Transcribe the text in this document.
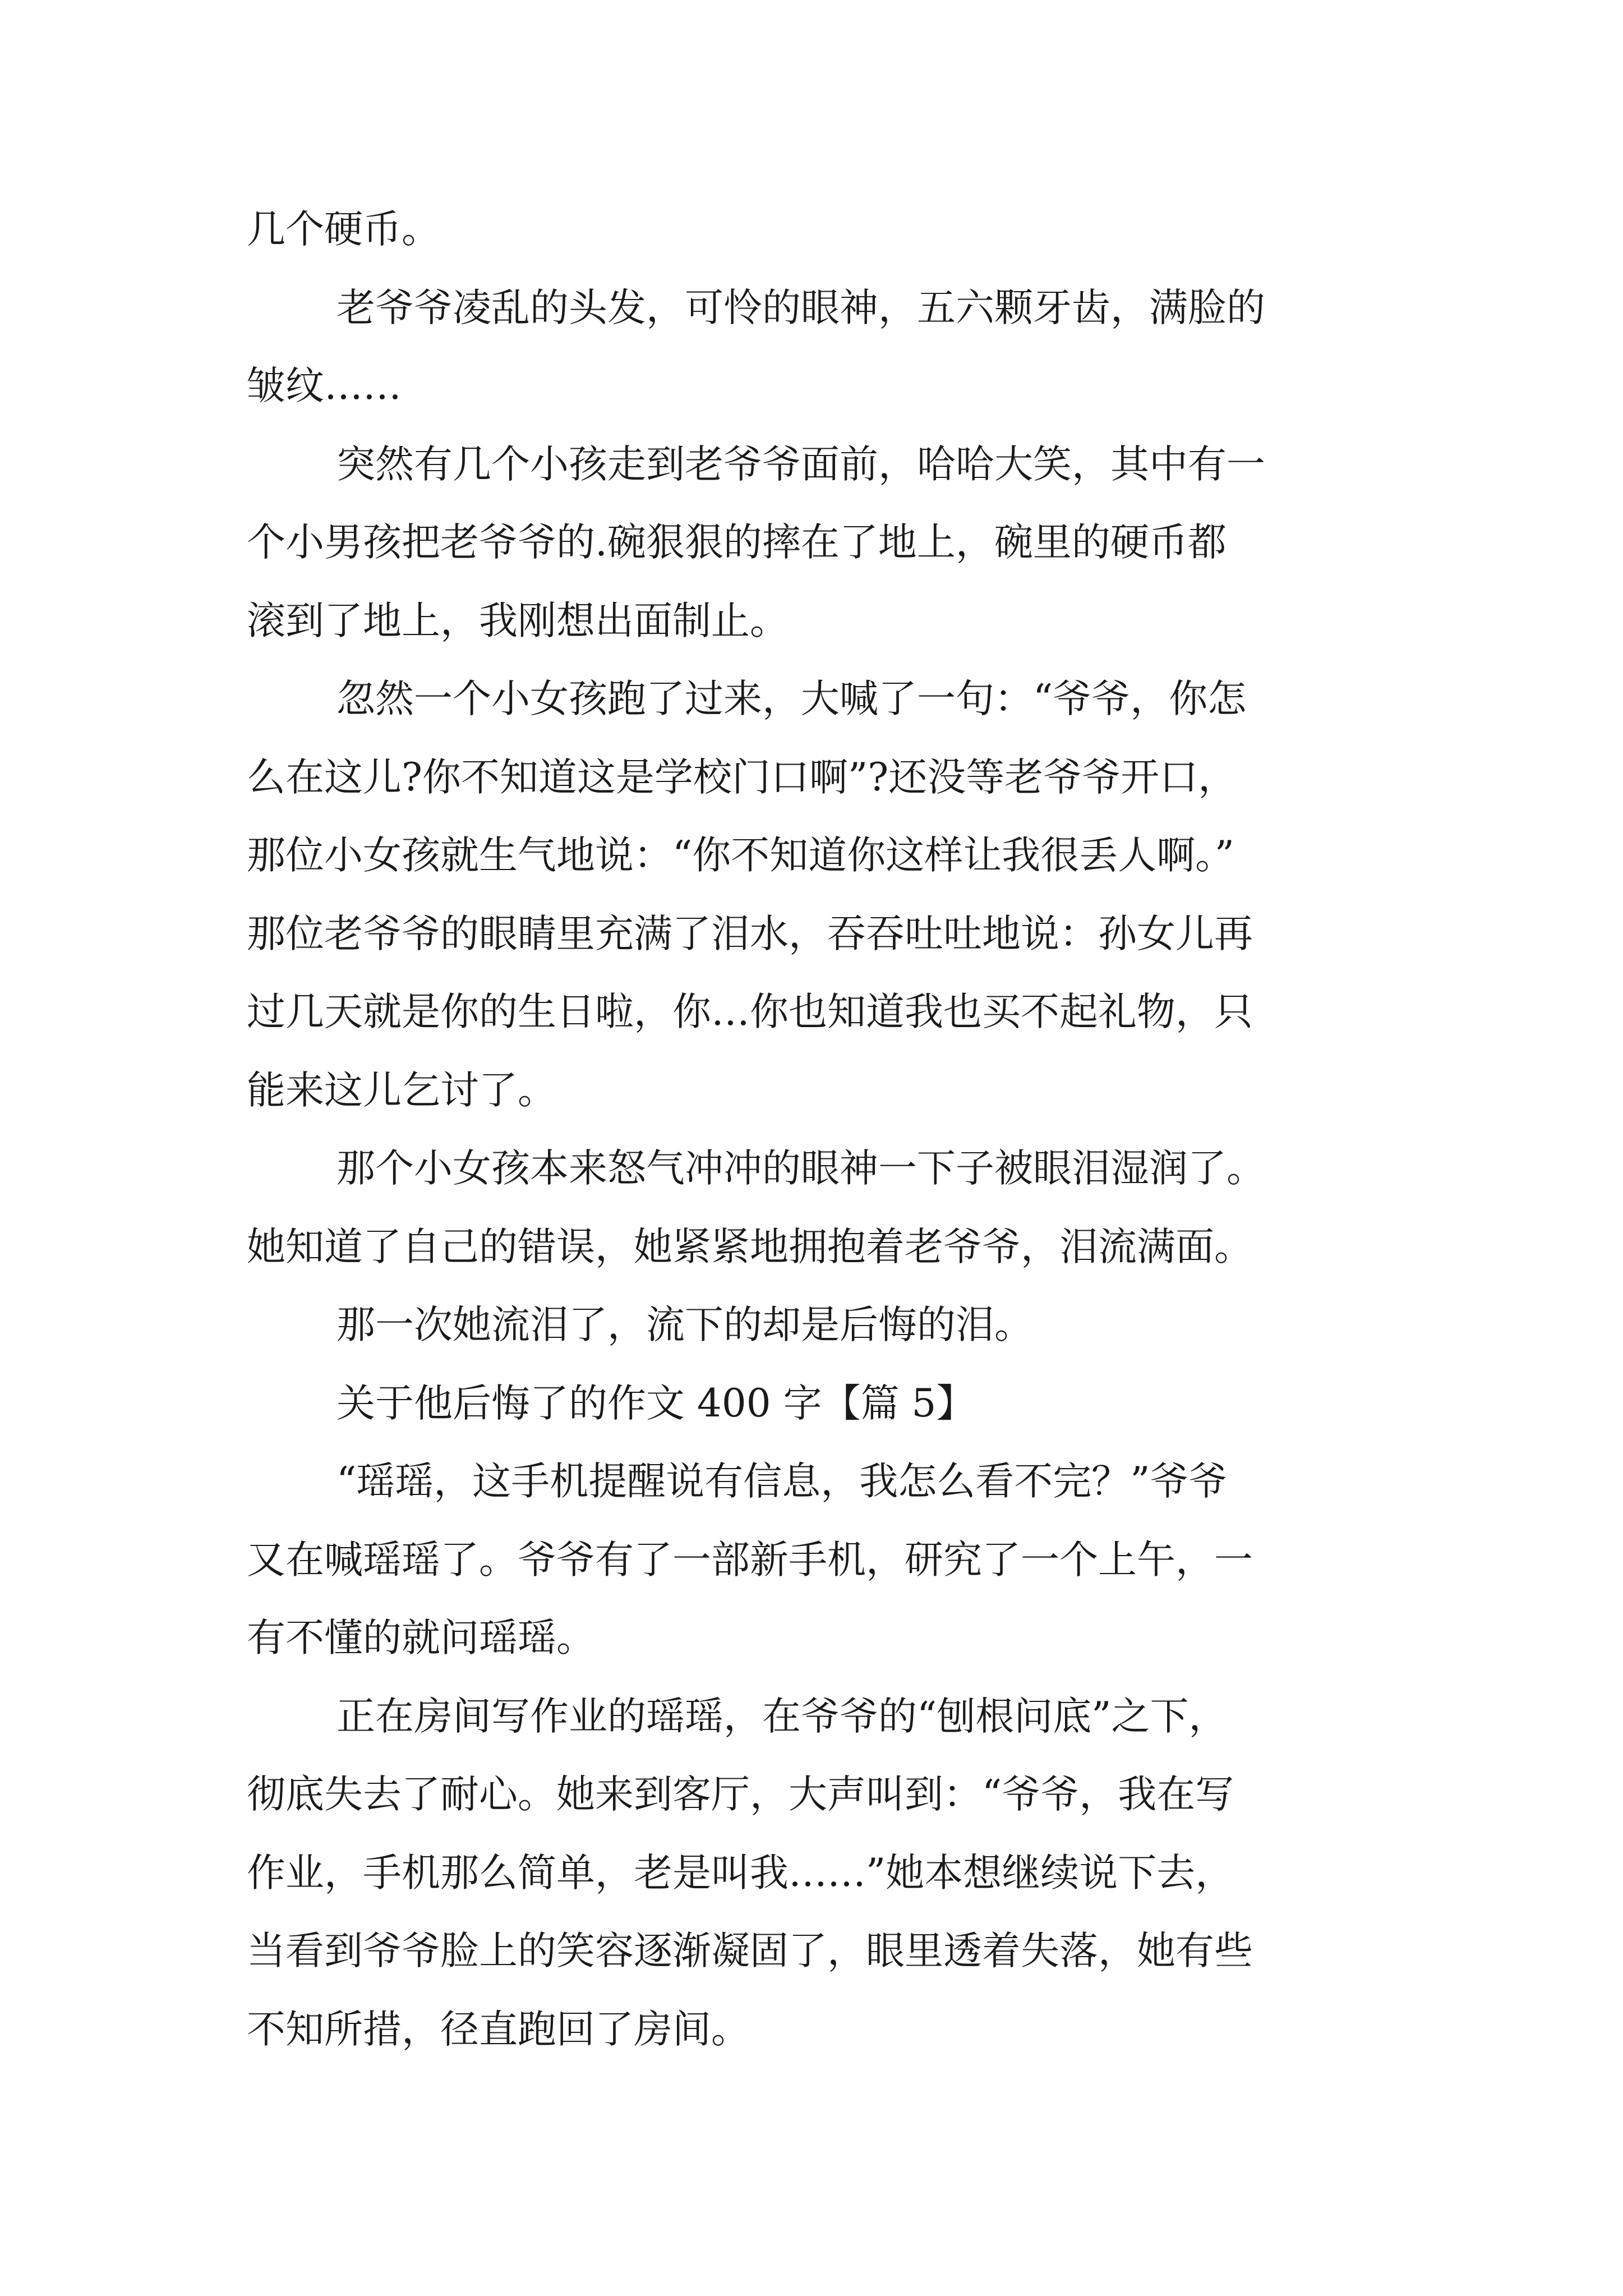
几个硬币。
老爷爷凌乱的头发，可怜的眼神，五六颗牙齿，满脸的
皱纹……
突然有几个小孩走到老爷爷面前，哈哈大笑，其中有一
个小男孩把老爷爷的.碗狠狠的摔在了地上，碗里的硬币都
滚到了地上，我刚想出面制止。
忽然一个小女孩跑了过来，大喊了一句：“爷爷，你怎
么在这儿?你不知道这是学校门口啊”?还没等老爷爷开口，
那位小女孩就生气地说：“你不知道你这样让我很丢人啊。”
那位老爷爷的眼睛里充满了泪水，吞吞吐吐地说：孙女儿再
过几天就是你的生日啦，你…你也知道我也买不起礼物，只
能来这儿乞讨了。
那个小女孩本来怒气冲冲的眼神一下子被眼泪湿润了。
她知道了自己的错误，她紧紧地拥抱着老爷爷，泪流满面。
那一次她流泪了，流下的却是后悔的泪。
关于他后悔了的作文 400 字【篇 5】
“瑶瑶，这手机提醒说有信息，我怎么看不完？”爷爷
又在喊瑶瑶了。爷爷有了一部新手机，研究了一个上午，一
有不懂的就问瑶瑶。
正在房间写作业的瑶瑶，在爷爷的“刨根问底”之下，
彻底失去了耐心。她来到客厅，大声叫到：“爷爷，我在写
作业，手机那么简单，老是叫我……”她本想继续说下去，
当看到爷爷脸上的笑容逐渐凝固了，眼里透着失落，她有些
不知所措，径直跑回了房间。
